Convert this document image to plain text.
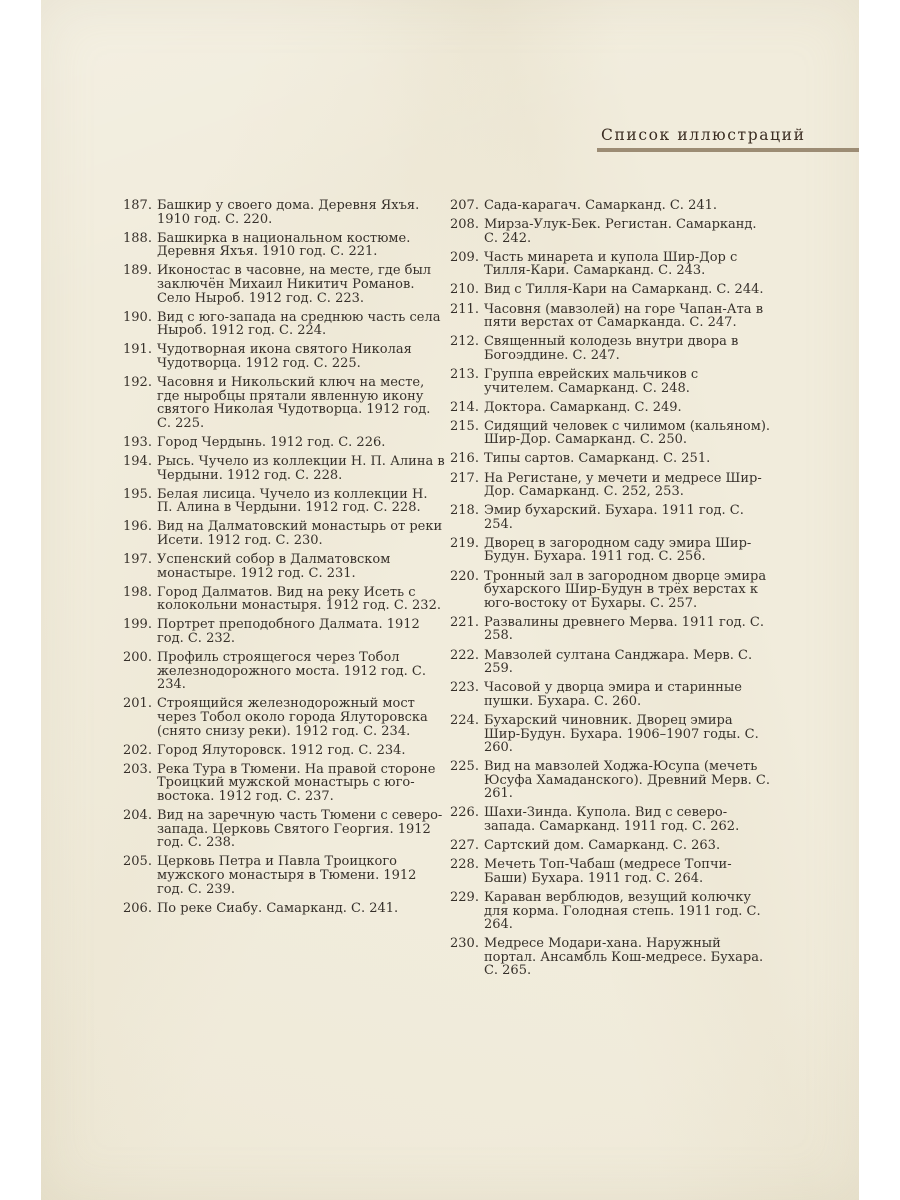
Список иллюстраций
187. Башкир у своего дома. Деревня Яхъя. 1910 год. С. 220.
188. Башкирка в национальном костюме. Деревня Яхъя. 1910 год. С. 221.
189. Иконостас в часовне, на месте, где был заключён Михаил Никитич Романов. Село Ныроб. 1912 год. С. 223.
190. Вид с юго-запада на среднюю часть села Ныроб. 1912 год. С. 224.
191. Чудотворная икона святого Николая Чудотворца. 1912 год. С. 225.
192. Часовня и Никольский ключ на месте, где ныробцы прятали явленную икону святого Николая Чудотворца. 1912 год. С. 225.
193. Город Чердынь. 1912 год. С. 226.
194. Рысь. Чучело из коллекции Н. П. Алина в Чердыни. 1912 год. С. 228.
195. Белая лисица. Чучело из коллекции Н. П. Алина в Чердыни. 1912 год. С. 228.
196. Вид на Далматовский монастырь от реки Исети. 1912 год. С. 230.
197. Успенский собор в Далматовском монастыре. 1912 год. С. 231.
198. Город Далматов. Вид на реку Исеть с колокольни монастыря. 1912 год. С. 232.
199. Портрет преподобного Далмата. 1912 год. С. 232.
200. Профиль строящегося через Тобол железнодорожного моста. 1912 год. С. 234.
201. Строящийся железнодорожный мост через Тобол около города Ялуторовска (снято снизу реки). 1912 год. С. 234.
202. Город Ялуторовск. 1912 год. С. 234.
203. Река Тура в Тюмени. На правой стороне Троицкий мужской монастырь с юго-востока. 1912 год. С. 237.
204. Вид на заречную часть Тюмени с северо-запада. Церковь Святого Георгия. 1912 год. С. 238.
205. Церковь Петра и Павла Троицкого мужского монастыря в Тюмени. 1912 год. С. 239.
206. По реке Сиабу. Самарканд. С. 241.
207. Сада-карагач. Самарканд. С. 241.
208. Мирза-Улук-Бек. Регистан. Самарканд. С. 242.
209. Часть минарета и купола Шир-Дор с Тилля-Кари. Самарканд. С. 243.
210. Вид с Тилля-Кари на Самарканд. С. 244.
211. Часовня (мавзолей) на горе Чапан-Ата в пяти верстах от Самарканда. С. 247.
212. Священный колодезь внутри двора в Богоэддине. С. 247.
213. Группа еврейских мальчиков с учителем. Самарканд. С. 248.
214. Доктора. Самарканд. С. 249.
215. Сидящий человек с чилимом (кальяном). Шир-Дор. Самарканд. С. 250.
216. Типы сартов. Самарканд. С. 251.
217. На Регистане, у мечети и медресе Шир-Дор. Самарканд. С. 252, 253.
218. Эмир бухарский. Бухара. 1911 год. С. 254.
219. Дворец в загородном саду эмира Шир-Будун. Бухара. 1911 год. С. 256.
220. Тронный зал в загородном дворце эмира бухарского Шир-Будун в трёх верстах к юго-востоку от Бухары. С. 257.
221. Развалины древнего Мерва. 1911 год. С. 258.
222. Мавзолей султана Санджара. Мерв. С. 259.
223. Часовой у дворца эмира и старинные пушки. Бухара. С. 260.
224. Бухарский чиновник. Дворец эмира Шир-Будун. Бухара. 1906–1907 годы. С. 260.
225. Вид на мавзолей Ходжа-Юсупа (мечеть Юсуфа Хамаданского). Древний Мерв. С. 261.
226. Шахи-Зинда. Купола. Вид с северо-запада. Самарканд. 1911 год. С. 262.
227. Сартский дом. Самарканд. С. 263.
228. Мечеть Топ-Чабаш (медресе Топчи-Баши) Бухара. 1911 год. С. 264.
229. Караван верблюдов, везущий колючку для корма. Голодная степь. 1911 год. С. 264.
230. Медресе Модари-хана. Наружный портал. Ансамбль Кош-медресе. Бухара. С. 265.
